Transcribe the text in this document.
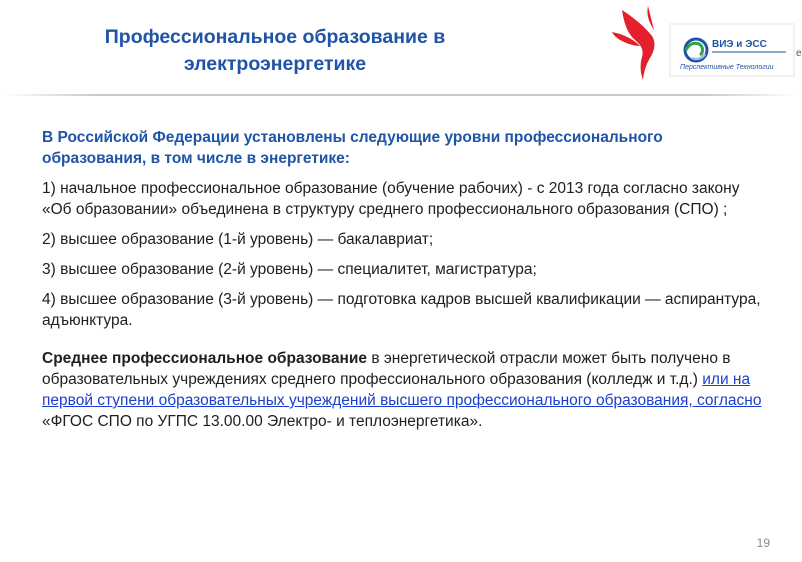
Профессиональное образование в
электроэнергетике
ВИЭ и ЭСС
Перспективные Технологии
е

В Российской Федерации установлены следующие уровни профессионального образования, в том числе в энергетике:

1) начальное профессиональное образование (обучение рабочих) - с 2013 года согласно закону «Об образовании» объединена в структуру среднего профессионального образования (СПО) ;

2) высшее образование (1-й уровень) — бакалавриат;

3) высшее образование (2-й уровень) — специалитет, магистратура;

4) высшее образование (3-й уровень) — подготовка кадров высшей квалификации — аспирантура, адъюнктура.

Среднее профессиональное образование в энергетической отрасли может быть получено в образовательных учреждениях среднего профессионального образования (колледж и т.д.) или на первой ступени образовательных учреждений высшего профессионального образования, согласно «ФГОС СПО по УГПС 13.00.00 Электро- и теплоэнергетика».

19
